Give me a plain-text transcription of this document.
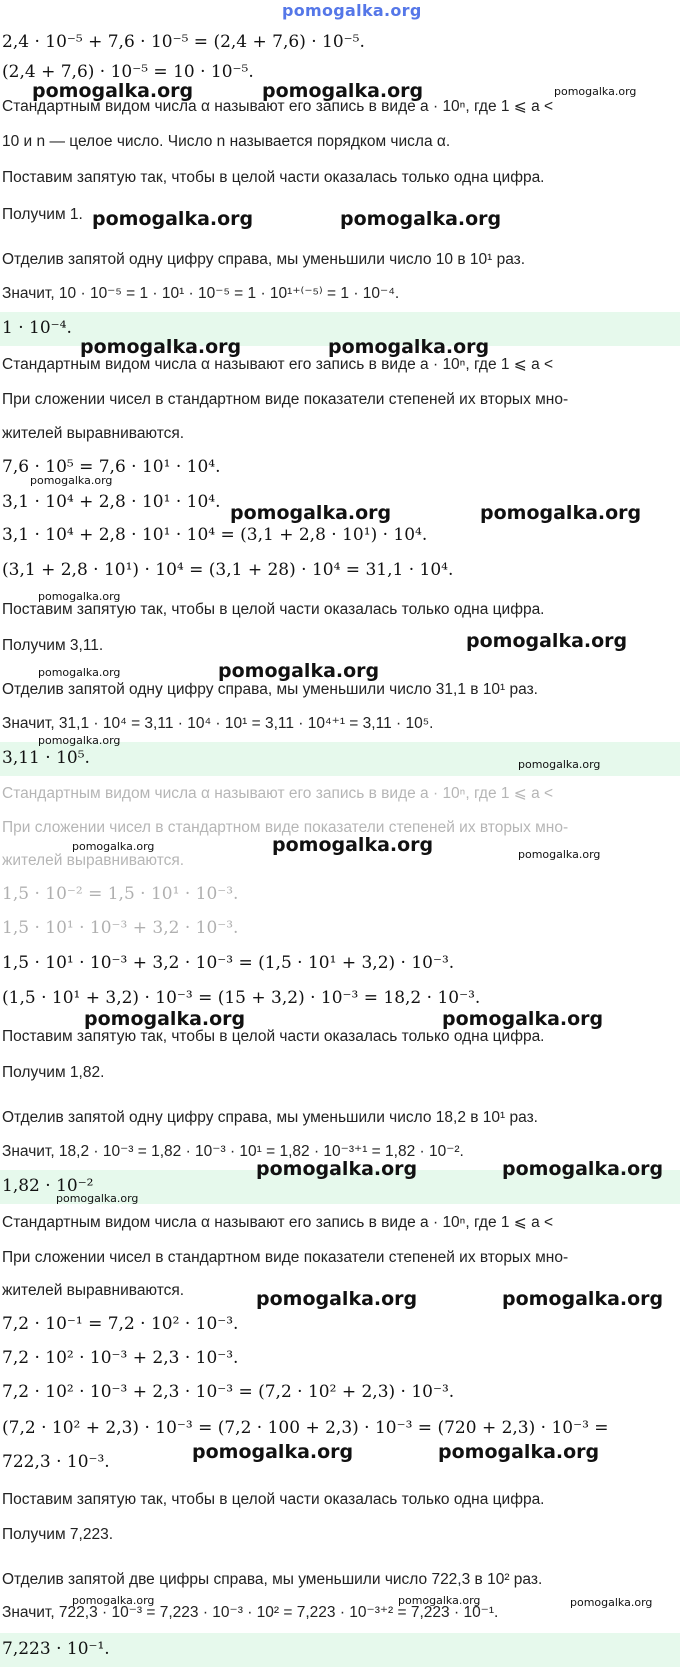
pomogalka.org
2,4 · 10⁻⁵ + 7,6 · 10⁻⁵ = (2,4 + 7,6) · 10⁻⁵.
(2,4 + 7,6) · 10⁻⁵ = 10 · 10⁻⁵.
Стандартным видом числа α называют его запись в виде a · 10ⁿ, где 1 ⩽ a <
10 и n — целое число. Число n называется порядком числа α.
Поставим запятую так, чтобы в целой части оказалась только одна цифра.
Получим 1.
Отделив запятой одну цифру справа, мы уменьшили число 10 в 10¹ раз.
Значит, 10 · 10⁻⁵ = 1 · 10¹ · 10⁻⁵ = 1 · 10¹⁺⁽⁻⁵⁾ = 1 · 10⁻⁴.
1 · 10⁻⁴.
Стандартным видом числа α называют его запись в виде a · 10ⁿ, где 1 ⩽ a <
При сложении чисел в стандартном виде показатели степеней их вторых мно-
жителей выравниваются.
7,6 · 10⁵ = 7,6 · 10¹ · 10⁴.
3,1 · 10⁴ + 2,8 · 10¹ · 10⁴.
3,1 · 10⁴ + 2,8 · 10¹ · 10⁴ = (3,1 + 2,8 · 10¹) · 10⁴.
(3,1 + 2,8 · 10¹) · 10⁴ = (3,1 + 28) · 10⁴ = 31,1 · 10⁴.
Поставим запятую так, чтобы в целой части оказалась только одна цифра.
Получим 3,11.
Отделив запятой одну цифру справа, мы уменьшили число 31,1 в 10¹ раз.
Значит, 31,1 · 10⁴ = 3,11 · 10⁴ · 10¹ = 3,11 · 10⁴⁺¹ = 3,11 · 10⁵.
3,11 · 10⁵.
Стандартным видом числа α называют его запись в виде a · 10ⁿ, где 1 ⩽ a <
При сложении чисел в стандартном виде показатели степеней их вторых мно-
жителей выравниваются.
1,5 · 10⁻² = 1,5 · 10¹ · 10⁻³.
1,5 · 10¹ · 10⁻³ + 3,2 · 10⁻³.
1,5 · 10¹ · 10⁻³ + 3,2 · 10⁻³ = (1,5 · 10¹ + 3,2) · 10⁻³.
(1,5 · 10¹ + 3,2) · 10⁻³ = (15 + 3,2) · 10⁻³ = 18,2 · 10⁻³.
Поставим запятую так, чтобы в целой части оказалась только одна цифра.
Получим 1,82.
Отделив запятой одну цифру справа, мы уменьшили число 18,2 в 10¹ раз.
Значит, 18,2 · 10⁻³ = 1,82 · 10⁻³ · 10¹ = 1,82 · 10⁻³⁺¹ = 1,82 · 10⁻².
1,82 · 10⁻²
Стандартным видом числа α называют его запись в виде a · 10ⁿ, где 1 ⩽ a <
При сложении чисел в стандартном виде показатели степеней их вторых мно-
жителей выравниваются.
7,2 · 10⁻¹ = 7,2 · 10² · 10⁻³.
7,2 · 10² · 10⁻³ + 2,3 · 10⁻³.
7,2 · 10² · 10⁻³ + 2,3 · 10⁻³ = (7,2 · 10² + 2,3) · 10⁻³.
(7,2 · 10² + 2,3) · 10⁻³ = (7,2 · 100 + 2,3) · 10⁻³ = (720 + 2,3) · 10⁻³ =
722,3 · 10⁻³.
Поставим запятую так, чтобы в целой части оказалась только одна цифра.
Получим 7,223.
Отделив запятой две цифры справа, мы уменьшили число 722,3 в 10² раз.
Значит, 722,3 · 10⁻³ = 7,223 · 10⁻³ · 10² = 7,223 · 10⁻³⁺² = 7,223 · 10⁻¹.
7,223 · 10⁻¹.
pomogalka.org	pomogalka.org	pomogalka.org
pomogalka.org	pomogalka.org
pomogalka.org	pomogalka.org
pomogalka.org
pomogalka.org	pomogalka.org
pomogalka.org
pomogalka.org
pomogalka.org	pomogalka.org
pomogalka.org
pomogalka.org
pomogalka.org	pomogalka.org	pomogalka.org
pomogalka.org	pomogalka.org
pomogalka.org	pomogalka.org
pomogalka.org
pomogalka.org	pomogalka.org
pomogalka.org	pomogalka.org
pomogalka.org	pomogalka.org	pomogalka.org
